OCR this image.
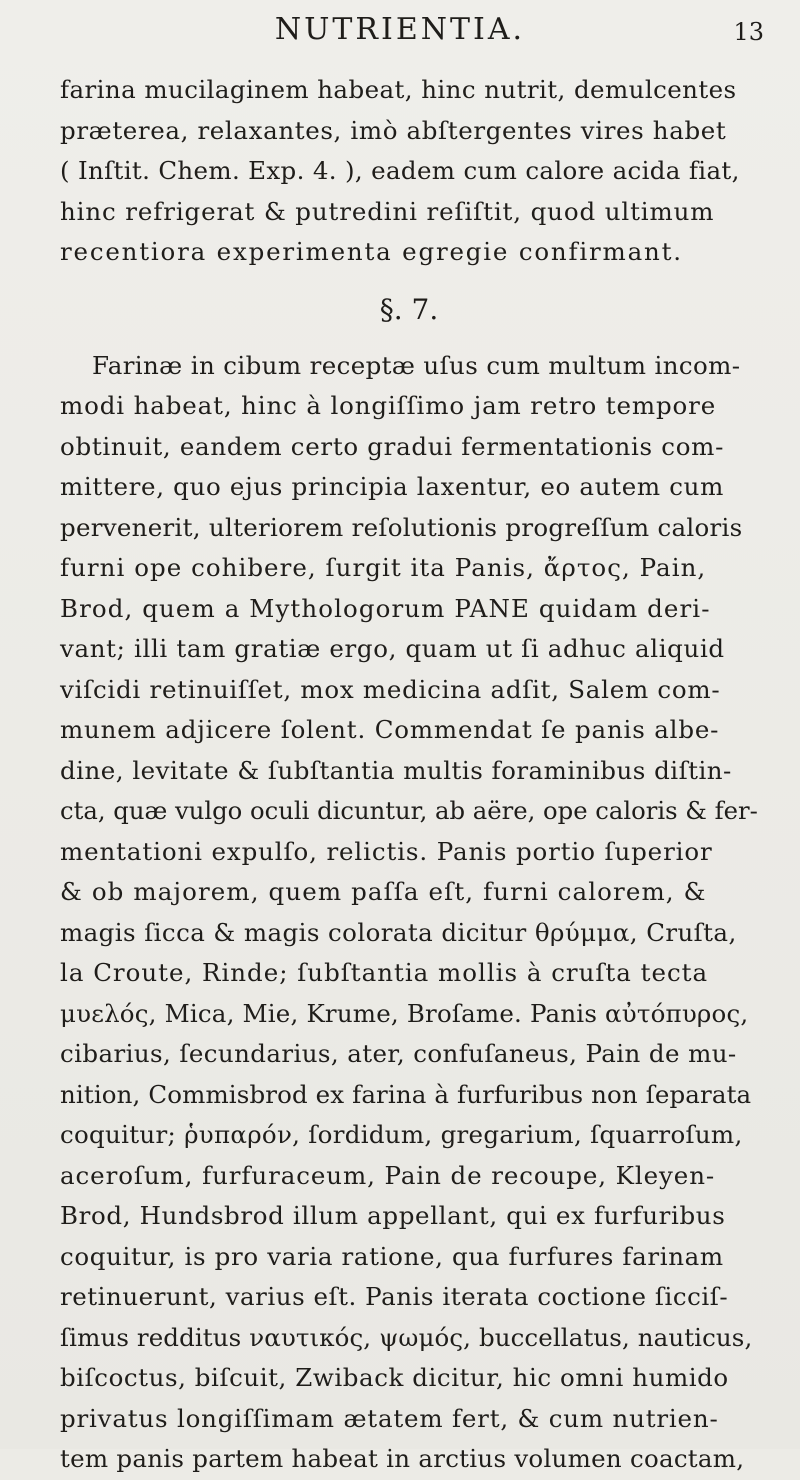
NUTRIENTIA.	13

farina mucilaginem habeat, hinc nutrit, demulcentes
præterea, relaxantes, imò abſtergentes vires habet
( Inſtit. Chem. Exp. 4. ), eadem cum calore acida fiat,
hinc refrigerat & putredini reſiſtit, quod ultimum
recentiora experimenta egregie confirmant.

§. 7.

Farinæ in cibum receptæ uſus cum multum incom-
modi habeat, hinc à longiſſimo jam retro tempore
obtinuit, eandem certo gradui fermentationis com-
mittere, quo ejus principia laxentur, eo autem cum
pervenerit, ulteriorem reſolutionis progreſſum caloris
furni ope cohibere, ſurgit ita Panis, ἄρτος, Pain,
Brod, quem a Mythologorum PANE quidam deri-
vant; illi tam gratiæ ergo, quam ut ſi adhuc aliquid
viſcidi retinuiſſet, mox medicina adſit, Salem com-
munem adjicere ſolent. Commendat ſe panis albe-
dine, levitate & ſubſtantia multis foraminibus diſtin-
cta, quæ vulgo oculi dicuntur, ab aëre, ope caloris & fer-
mentationi expulſo, relictis. Panis portio ſuperior
& ob majorem, quem paſſa eſt, furni calorem, &
magis ſicca & magis colorata dicitur θρύμμα, Cruſta,
la Croute, Rinde; ſubſtantia mollis à cruſta tecta
μυελός, Mica, Mie, Krume, Broſame. Panis αὐτόπυρος,
cibarius, ſecundarius, ater, confuſaneus, Pain de mu-
nition, Commisbrod ex farina à furfuribus non ſeparata
coquitur; ῥυπαρόν, ſordidum, gregarium, ſquarroſum,
aceroſum, furfuraceum, Pain de recoupe, Kleyen-
Brod, Hundsbrod illum appellant, qui ex furfuribus
coquitur, is pro varia ratione, qua furfures farinam
retinuerunt, varius eſt. Panis iterata coctione ſicciſ-
ſimus redditus ναυτικός, ψωμός, buccellatus, nauticus,
biſcoctus, biſcuit, Zwiback dicitur, hic omni humido
privatus longiſſimam ætatem fert, & cum nutrien-
tem panis partem habeat in arctius volumen coactam,
